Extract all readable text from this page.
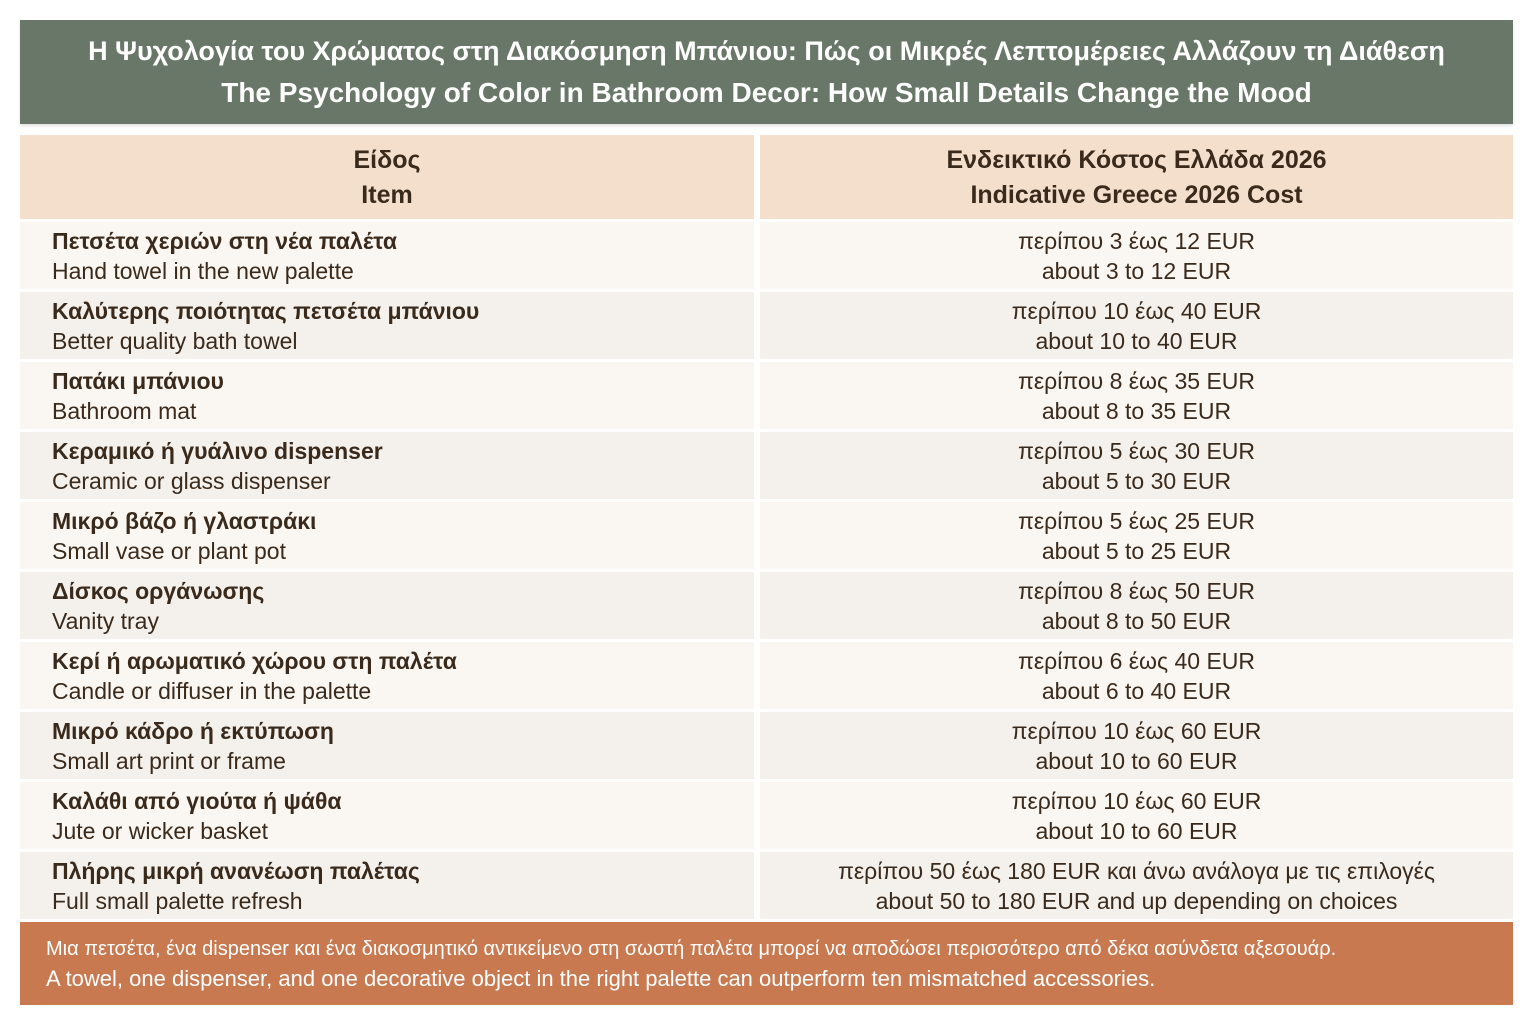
Η Ψυχολογία του Χρώματος στη Διακόσμηση Μπάνιου: Πώς οι Μικρές Λεπτομέρειες Αλλάζουν τη Διάθεση
The Psychology of Color in Bathroom Decor: How Small Details Change the Mood
Είδος
Item
Ενδεικτικό Κόστος Ελλάδα 2026
Indicative Greece 2026 Cost
Πετσέτα χεριών στη νέα παλέτα
Hand towel in the new palette
περίπου 3 έως 12 EUR
about 3 to 12 EUR
Καλύτερης ποιότητας πετσέτα μπάνιου
Better quality bath towel
περίπου 10 έως 40 EUR
about 10 to 40 EUR
Πατάκι μπάνιου
Bathroom mat
περίπου 8 έως 35 EUR
about 8 to 35 EUR
Κεραμικό ή γυάλινο dispenser
Ceramic or glass dispenser
περίπου 5 έως 30 EUR
about 5 to 30 EUR
Μικρό βάζο ή γλαστράκι
Small vase or plant pot
περίπου 5 έως 25 EUR
about 5 to 25 EUR
Δίσκος οργάνωσης
Vanity tray
περίπου 8 έως 50 EUR
about 8 to 50 EUR
Κερί ή αρωματικό χώρου στη παλέτα
Candle or diffuser in the palette
περίπου 6 έως 40 EUR
about 6 to 40 EUR
Μικρό κάδρο ή εκτύπωση
Small art print or frame
περίπου 10 έως 60 EUR
about 10 to 60 EUR
Καλάθι από γιούτα ή ψάθα
Jute or wicker basket
περίπου 10 έως 60 EUR
about 10 to 60 EUR
Πλήρης μικρή ανανέωση παλέτας
Full small palette refresh
περίπου 50 έως 180 EUR και άνω ανάλογα με τις επιλογές
about 50 to 180 EUR and up depending on choices
Μια πετσέτα, ένα dispenser και ένα διακοσμητικό αντικείμενο στη σωστή παλέτα μπορεί να αποδώσει περισσότερο από δέκα ασύνδετα αξεσουάρ.
A towel, one dispenser, and one decorative object in the right palette can outperform ten mismatched accessories.
